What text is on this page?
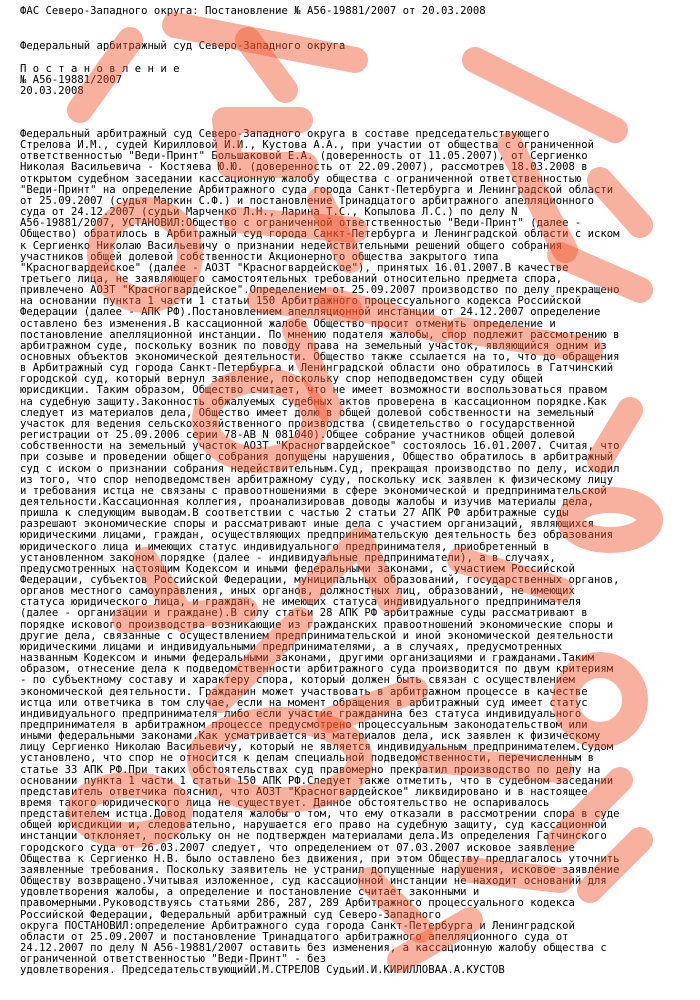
ФАС Северо-Западного округа: Постановление № А56-19881/2007 от 20.03.2008
Федеральный арбитражный суд Северо-Западного округа
П о с т а н о в л е н и е
№ А56-19881/2007
20.03.2008
Федеральный арбитражный суд Северо-Западного округа в составе председательствующего
Стрелова И.М., судей Кирилловой И.И., Кустова А.А., при участии от общества с ограниченной
ответственностью "Веди-Принт" Большаковой Е.А. (доверенность от 11.05.2007), от Сергиенко
Николая Васильевича - Костяева Ю.Ю. (доверенность от 22.09.2007), рассмотрев 18.03.2008 в
открытом судебном заседании кассационную жалобу общества с ограниченной ответственностью
"Веди-Принт" на определение Арбитражного суда города Санкт-Петербурга и Ленинградской области
от 25.09.2007 (судья Маркин С.Ф.) и постановление Тринадцатого арбитражного апелляционного
суда от 24.12.2007 (судьи Марченко Л.Н., Ларина Т.С., Копылова Л.С.) по делу N
А56-19881/2007, УСТАНОВИЛ:Общество с ограниченной ответственностью "Веди-Принт" (далее -
Общество) обратилось в Арбитражный суд города Санкт-Петербурга и Ленинградской области с иском
к Сергиенко Николаю Васильевичу о признании недействительными решений общего собрания
участников общей долевой собственности Акционерного общества закрытого типа
"Красногвардейское" (далее - АОЗТ "Красногвардейское"), принятых 16.01.2007.В качестве
третьего лица, не заявляющего самостоятельных требований относительно предмета спора,
привлечено АОЗТ "Красногвардейское".Определением от 25.09.2007 производство по делу прекращено
на основании пункта 1 части 1 статьи 150 Арбитражного процессуального кодекса Российской
Федерации (далее - АПК РФ).Постановлением апелляционной инстанции от 24.12.2007 определение
оставлено без изменения.В кассационной жалобе Общество просит отменить определение и
постановление апелляционной инстанции. По мнению подателя жалобы, спор подлежит рассмотрению в
арбитражном суде, поскольку возник по поводу права на земельный участок, являющийся одним из
основных объектов экономической деятельности. Общество также ссылается на то, что до обращения
в Арбитражный суд города Санкт-Петербурга и Ленинградской области оно обратилось в Гатчинский
городской суд, который вернул заявление, поскольку спор неподведомствен суду общей
юрисдикции. Таким образом, Общество считает, что не имеет возможности воспользоваться правом
на судебную защиту.Законность обжалуемых судебных актов проверена в кассационном порядке.Как
следует из материалов дела, Общество имеет долю в общей долевой собственности на земельный
участок для ведения сельскохозяйственного производства (свидетельство о государственной
регистрации от 25.09.2006 серии 78-АВ N 081040).Общее собрание участников общей долевой
собственности на земельный участок АОЗТ "Красногвардейское" состоялось 16.01.2007. Считая, что
при созыве и проведении общего собрания допущены нарушения, Общество обратилось в арбитражный
суд с иском о признании собрания недействительным.Суд, прекращая производство по делу, исходил
из того, что спор неподведомствен арбитражному суду, поскольку иск заявлен к физическому лицу
и требования истца не связаны с правоотношениями в сфере экономической и предпринимательской
деятельности.Кассационная коллегия, проанализировав доводы жалобы и изучив материалы дела,
пришла к следующим выводам.В соответствии с частью 2 статьи 27 АПК РФ арбитражные суды
разрешают экономические споры и рассматривают иные дела с участием организаций, являющихся
юридическими лицами, граждан, осуществляющих предпринимательскую деятельность без образования
юридического лица и имеющих статус индивидуального предпринимателя, приобретенный в
установленном законом порядке (далее - индивидуальные предприниматели), а в случаях,
предусмотренных настоящим Кодексом и иными федеральными законами, с участием Российской
Федерации, субъектов Российской Федерации, муниципальных образований, государственных органов,
органов местного самоуправления, иных органов, должностных лиц, образований, не имеющих
статуса юридического лица, и граждан, не имеющих статуса индивидуального предпринимателя
(далее - организации и граждане).В силу статьи 28 АПК РФ арбитражные суды рассматривают в
порядке искового производства возникающие из гражданских правоотношений экономические споры и
другие дела, связанные с осуществлением предпринимательской и иной экономической деятельности
юридическими лицами и индивидуальными предпринимателями, а в случаях, предусмотренных
названным Кодексом и иными федеральными законами, другими организациями и гражданами.Таким
образом, отнесение дела к подведомственности арбитражного суда производится по двум критериям
- по субъектному составу и характеру спора, который должен быть связан с осуществлением
экономической деятельности. Гражданин может участвовать в арбитражном процессе в качестве
истца или ответчика в том случае, если на момент обращения в арбитражный суд имеет статус
индивидуального предпринимателя либо если участие гражданина без статуса индивидуального
предпринимателя в арбитражном процессе предусмотрено процессуальным законодательством или
иными федеральными законами.Как усматривается из материалов дела, иск заявлен к физическому
лицу Сергиенко Николаю Васильевичу, который не является индивидуальным предпринимателем.Судом
установлено, что спор не относится к делам специальной подведомственности, перечисленным в
статье 33 АПК РФ.При таких обстоятельствах суд правомерно прекратил производство по делу на
основании пункта 1 части 1 статьи 150 АПК РФ.Следует также отметить, что в судебном заседании
представитель ответчика пояснил, что АОЗТ "Красногвардейское" ликвидировано и в настоящее
время такого юридического лица не существует. Данное обстоятельство не оспаривалось
представителем истца.Довод подателя жалобы о том, что ему отказали в рассмотрении спора в суде
общей юрисдикции и, следовательно, нарушается его право на судебную защиту, суд кассационной
инстанции отклоняет, поскольку он не подтвержден материалами дела.Из определения Гатчинского
городского суда от 26.03.2007 следует, что определением от 07.03.2007 исковое заявление
Общества к Сергиенко Н.В. было оставлено без движения, при этом Обществу предлагалось уточнить
заявленные требования. Поскольку заявитель не устранил допущенные нарушения, исковое заявление
Обществу возвращено.Учитывая изложенное, суд кассационной инстанции не находит оснований для
удовлетворения жалобы, а определение и постановление считает законными и
правомерными.Руководствуясь статьями 286, 287, 289 Арбитражного процессуального кодекса
Российской Федерации, Федеральный арбитражный суд Северо-Западного
округа ПОСТАНОВИЛ:определение Арбитражного суда города Санкт-Петербурга и Ленинградской
области от 25.09.2007 и постановление Тринадцатого арбитражного апелляционного суда от
24.12.2007 по делу N А56-19881/2007 оставить без изменения, а кассационную жалобу общества с
ограниченной ответственностью "Веди-Принт" - без
удовлетворения. ПредседательствующийИ.М.СТРЕЛОВ СудьиИ.И.КИРИЛЛОВАА.А.КУСТОВ
